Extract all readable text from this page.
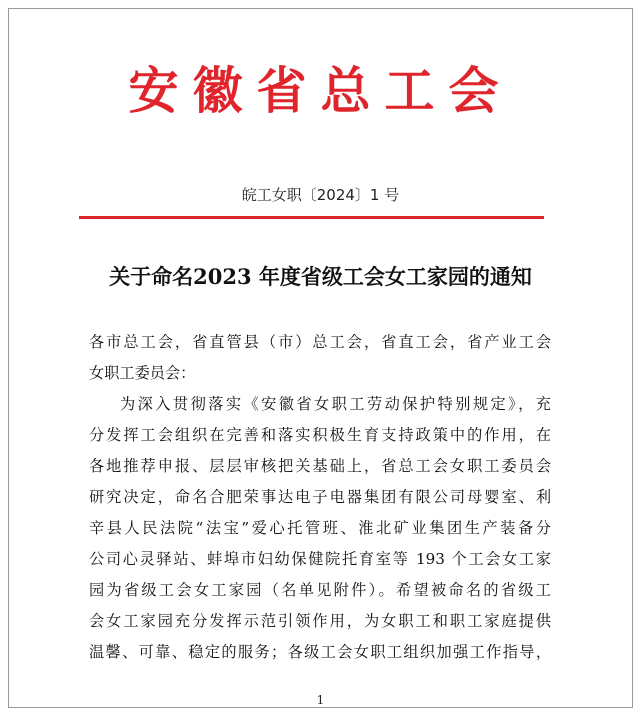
安徽省总工会
皖工女职〔2024〕1 号
关于命名2023 年度省级工会女工家园的通知
各市总工会，省直管县（市）总工会，省直工会，省产业工会
女职工委员会：
为深入贯彻落实《安徽省女职工劳动保护特别规定》，充
分发挥工会组织在完善和落实积极生育支持政策中的作用，在
各地推荐申报、层层审核把关基础上，省总工会女职工委员会
研究决定，命名合肥荣事达电子电器集团有限公司母婴室、利
辛县人民法院“法宝”爱心托管班、淮北矿业集团生产装备分
公司心灵驿站、蚌埠市妇幼保健院托育室等 193 个工会女工家
园为省级工会女工家园（名单见附件）。希望被命名的省级工
会女工家园充分发挥示范引领作用，为女职工和职工家庭提供
温馨、可靠、稳定的服务；各级工会女职工组织加强工作指导，
1
